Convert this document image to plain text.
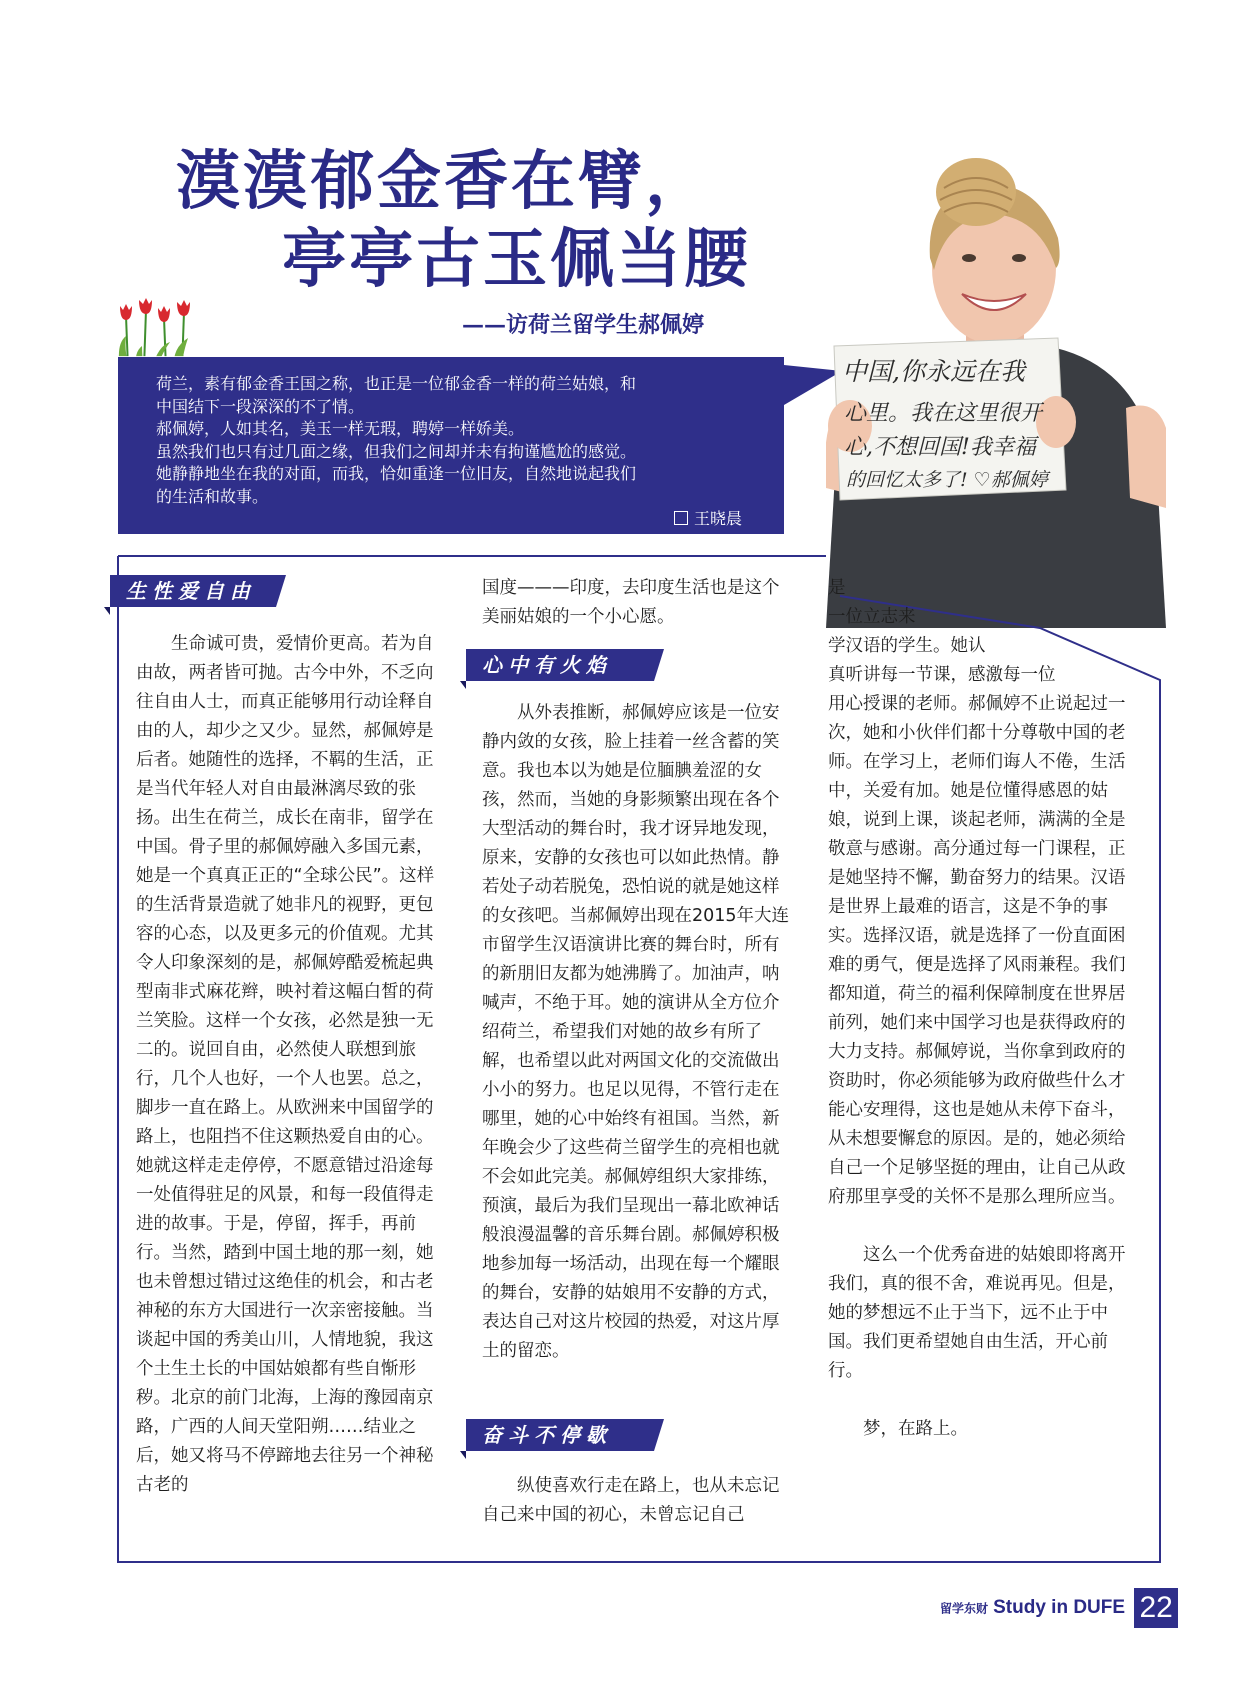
漠漠郁金香在臂，
亭亭古玉佩当腰
——访荷兰留学生郝佩婷

荷兰，素有郁金香王国之称，也正是一位郁金香一样的荷兰姑娘，和

中国结下一段深深的不了情。

郝佩婷，人如其名，美玉一样无瑕，聘婷一样娇美。

虽然我们也只有过几面之缘，但我们之间却并未有拘谨尴尬的感觉。

她静静地坐在我的对面，而我，恰如重逢一位旧友，自然地说起我们

的生活和故事。

王晓晨
中国,你永远在我
心里。我在这里很开
心,不想回国!我幸福
的回忆太多了! ♡郝佩婷
生性爱自由
心中有火焰
奋斗不停歇

生命诚可贵，爱情价更高。若为自由故，两者皆可抛。古今中外，不乏向往自由人士，而真正能够用行动诠释自由的人，却少之又少。显然，郝佩婷是后者。她随性的选择，不羁的生活，正是当代年轻人对自由最淋漓尽致的张扬。出生在荷兰，成长在南非，留学在中国。骨子里的郝佩婷融入多国元素，她是一个真真正正的“全球公民”。这样的生活背景造就了她非凡的视野，更包容的心态，以及更多元的价值观。尤其令人印象深刻的是，郝佩婷酷爱梳起典型南非式麻花辫，映衬着这幅白皙的荷兰笑脸。这样一个女孩，必然是独一无二的。说回自由，必然使人联想到旅行，几个人也好，一个人也罢。总之，脚步一直在路上。从欧洲来中国留学的路上，也阻挡不住这颗热爱自由的心。她就这样走走停停，不愿意错过沿途每一处值得驻足的风景，和每一段值得走进的故事。于是，停留，挥手，再前行。当然，踏到中国土地的那一刻，她也未曾想过错过这绝佳的机会，和古老神秘的东方大国进行一次亲密接触。当谈起中国的秀美山川，人情地貌，我这个土生土长的中国姑娘都有些自惭形秽。北京的前门北海，上海的豫园南京路，广西的人间天堂阳朔……结业之后，她又将马不停蹄地去往另一个神秘古老的

国度———印度，去印度生活也是这个美丽姑娘的一个小心愿。

从外表推断，郝佩婷应该是一位安静内敛的女孩，脸上挂着一丝含蓄的笑意。我也本以为她是位腼腆羞涩的女孩，然而，当她的身影频繁出现在各个大型活动的舞台时，我才讶异地发现，原来，安静的女孩也可以如此热情。静若处子动若脱兔，恐怕说的就是她这样的女孩吧。当郝佩婷出现在2015年大连市留学生汉语演讲比赛的舞台时，所有的新朋旧友都为她沸腾了。加油声，呐喊声，不绝于耳。她的演讲从全方位介绍荷兰，希望我们对她的故乡有所了解，也希望以此对两国文化的交流做出小小的努力。也足以见得，不管行走在哪里，她的心中始终有祖国。当然，新年晚会少了这些荷兰留学生的亮相也就不会如此完美。郝佩婷组织大家排练，预演，最后为我们呈现出一幕北欧神话般浪漫温馨的音乐舞台剧。郝佩婷积极地参加每一场活动，出现在每一个耀眼的舞台，安静的姑娘用不安静的方式，表达自己对这片校园的热爱，对这片厚土的留恋。

纵使喜欢行走在路上，也从未忘记自己来中国的初心，未曾忘记自己

是

一位立志来

学汉语的学生。她认

真听讲每一节课，感激每一位

用心授课的老师。郝佩婷不止说起过一次，她和小伙伴们都十分尊敬中国的老师。在学习上，老师们诲人不倦，生活中，关爱有加。她是位懂得感恩的姑娘，说到上课，谈起老师，满满的全是敬意与感谢。高分通过每一门课程，正是她坚持不懈，勤奋努力的结果。汉语是世界上最难的语言，这是不争的事实。选择汉语，就是选择了一份直面困难的勇气，便是选择了风雨兼程。我们都知道，荷兰的福利保障制度在世界居前列，她们来中国学习也是获得政府的大力支持。郝佩婷说，当你拿到政府的资助时，你必须能够为政府做些什么才能心安理得，这也是她从未停下奋斗，从未想要懈怠的原因。是的，她必须给自己一个足够坚挺的理由，让自己从政府那里享受的关怀不是那么理所应当。

这么一个优秀奋进的姑娘即将离开我们，真的很不舍，难说再见。但是，她的梦想远不止于当下，远不止于中国。我们更希望她自由生活，开心前行。

梦，在路上。

留学东财 Study in DUFE 22
